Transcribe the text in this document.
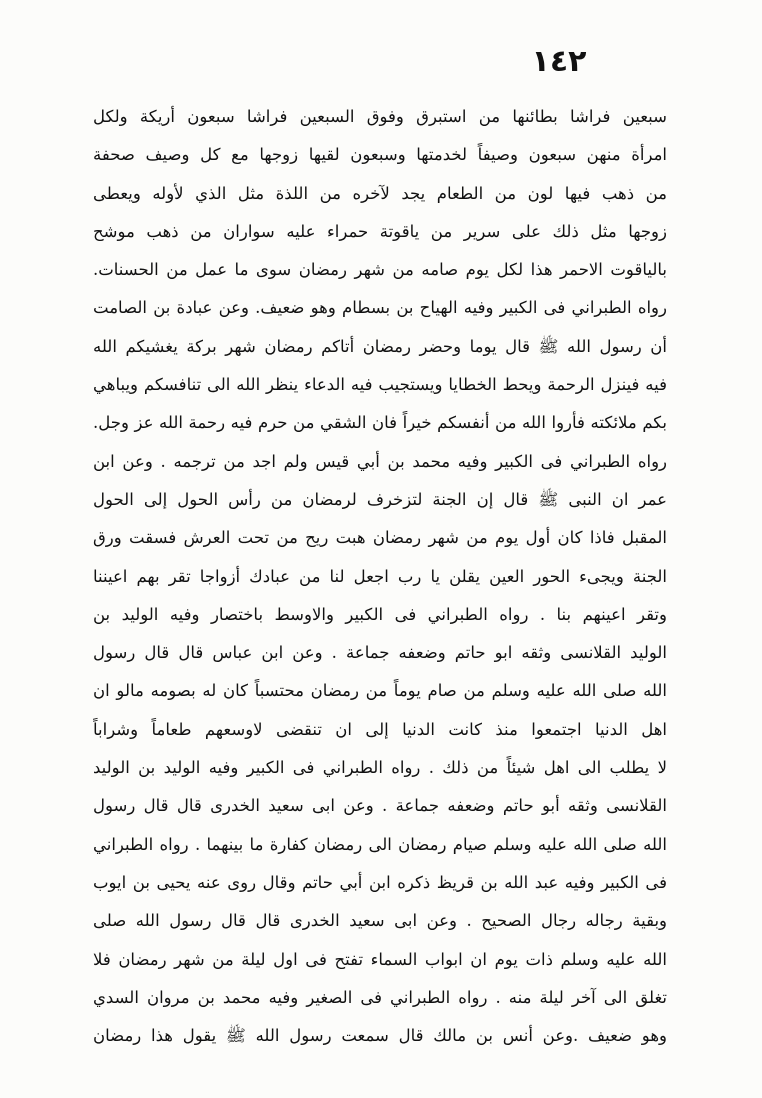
١٤٢
سبعين فراشا بطائنها من استبرق وفوق السبعين فراشا سبعون أريكة ولكل
امرأة منهن سبعون وصيفاً لخدمتها وسبعون لقيها زوجها مع كل وصيف صحفة
من ذهب فيها لون من الطعام يجد لآخره من اللذة مثل الذي لأوله ويعطى
زوجها مثل ذلك على سرير من ياقوتة حمراء عليه سواران من ذهب موشح
بالياقوت الاحمر هذا لكل يوم صامه من شهر رمضان سوى ما عمل من الحسنات.
رواه الطبراني فى الكبير وفيه الهياح بن بسطام وهو ضعيف. وعن عبادة بن الصامت
أن رسول الله ﷺ قال يوما وحضر رمضان أتاكم رمضان شهر بركة يغشيكم الله
فيه فينزل الرحمة ويحط الخطايا ويستجيب فيه الدعاء ينظر الله الى تنافسكم ويباهي
بكم ملائكته فأروا الله من أنفسكم خيراً فان الشقي من حرم فيه رحمة الله عز وجل.
رواه الطبراني فى الكبير وفيه محمد بن أبي قيس ولم اجد من ترجمه . وعن ابن
عمر ان النبى ﷺ قال إن الجنة لتزخرف لرمضان من رأس الحول إلى الحول
المقبل فاذا كان أول يوم من شهر رمضان هبت ريح من تحت العرش فسقت ورق
الجنة ويجىء الحور العين يقلن يا رب اجعل لنا من عبادك أزواجا تقر بهم اعيننا
وتقر اعينهم بنا . رواه الطبراني فى الكبير والاوسط باختصار وفيه الوليد بن
الوليد القلانسى وثقه ابو حاتم وضعفه جماعة . وعن ابن عباس قال قال رسول
الله صلى الله عليه وسلم من صام يوماً من رمضان محتسباً كان له بصومه مالو ان
اهل الدنيا اجتمعوا منذ كانت الدنيا إلى ان تنقضى لاوسعهم طعاماً وشراباً
لا يطلب الى اهل شيئاً من ذلك . رواه الطبراني فى الكبير وفيه الوليد بن الوليد
القلانسى وثقه أبو حاتم وضعفه جماعة . وعن ابى سعيد الخدرى قال قال رسول
الله صلى الله عليه وسلم صيام رمضان الى رمضان كفارة ما بينهما . رواه الطبراني
فى الكبير وفيه عبد الله بن قريظ ذكره ابن أبي حاتم وقال روى عنه يحيى بن ايوب
وبقية رجاله رجال الصحيح . وعن ابى سعيد الخدرى قال قال رسول الله صلى
الله عليه وسلم ذات يوم ان ابواب السماء تفتح فى اول ليلة من شهر رمضان فلا
تغلق الى آخر ليلة منه . رواه الطبراني فى الصغير وفيه محمد بن مروان السدي
وهو ضعيف .وعن أنس بن مالك قال سمعت رسول الله ﷺ يقول هذا رمضان
